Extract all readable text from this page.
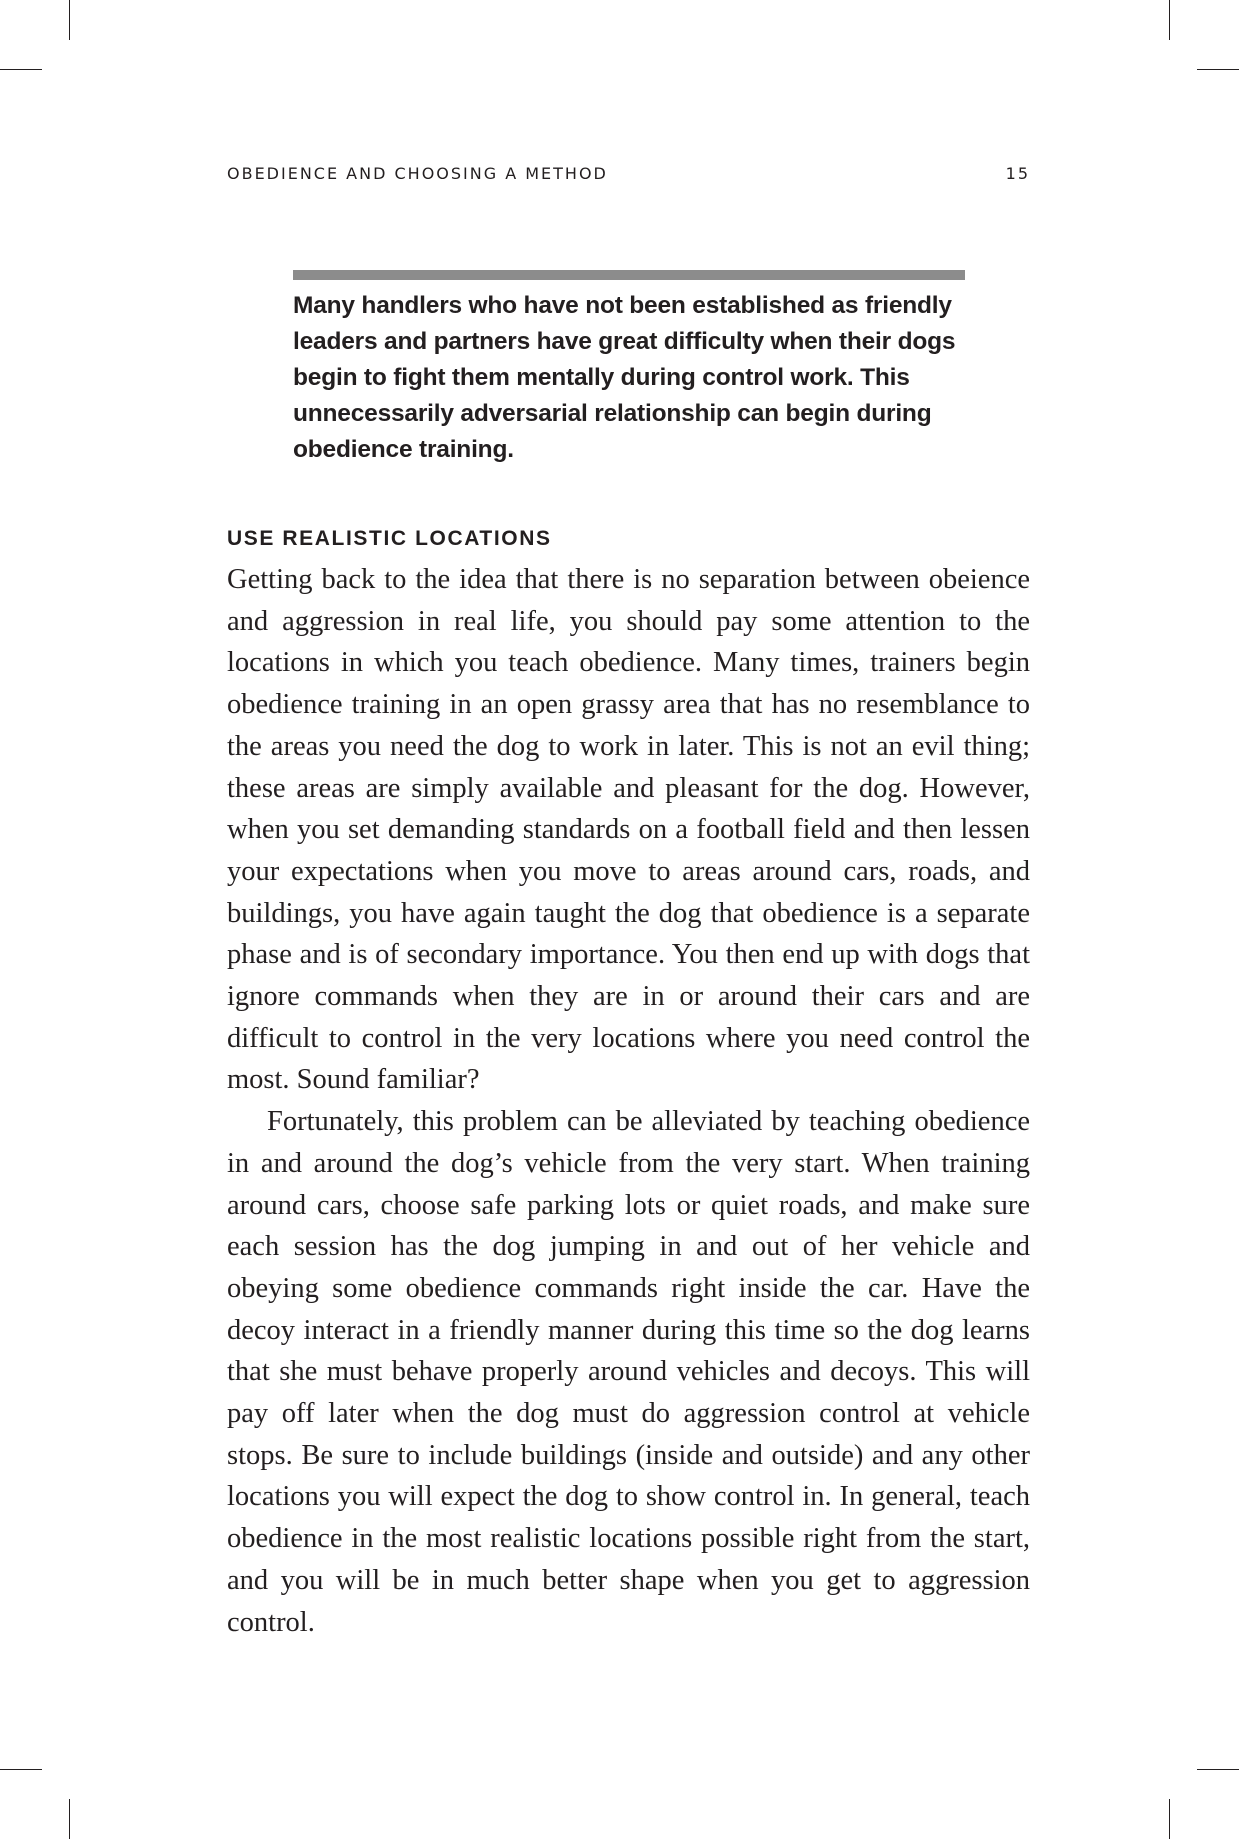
OBEDIENCE AND CHOOSING A METHOD	15

Many handlers who have not been established as friendly leaders and partners have great difficulty when their dogs begin to fight them mentally during control work. This unnecessarily adversarial relationship can begin during obedience training.

USE REALISTIC LOCATIONS

Getting back to the idea that there is no separation between obeience and aggression in real life, you should pay some attention to the locations in which you teach obedience. Many times, trainers begin obedience training in an open grassy area that has no resemblance to the areas you need the dog to work in later. This is not an evil thing; these areas are simply available and pleasant for the dog. However, when you set demanding standards on a football field and then lessen your expectations when you move to areas around cars, roads, and buildings, you have again taught the dog that obedience is a separate phase and is of secondary importance. You then end up with dogs that ignore commands when they are in or around their cars and are difficult to control in the very locations where you need control the most. Sound familiar?

Fortunately, this problem can be alleviated by teaching obedience in and around the dog’s vehicle from the very start. When training around cars, choose safe parking lots or quiet roads, and make sure each session has the dog jumping in and out of her vehicle and obeying some obedience commands right inside the car. Have the decoy interact in a friendly manner during this time so the dog learns that she must behave properly around vehicles and decoys. This will pay off later when the dog must do aggression control at vehicle stops. Be sure to include buildings (inside and outside) and any other locations you will expect the dog to show control in. In general, teach obedience in the most realistic locations possible right from the start, and you will be in much better shape when you get to aggression control.
